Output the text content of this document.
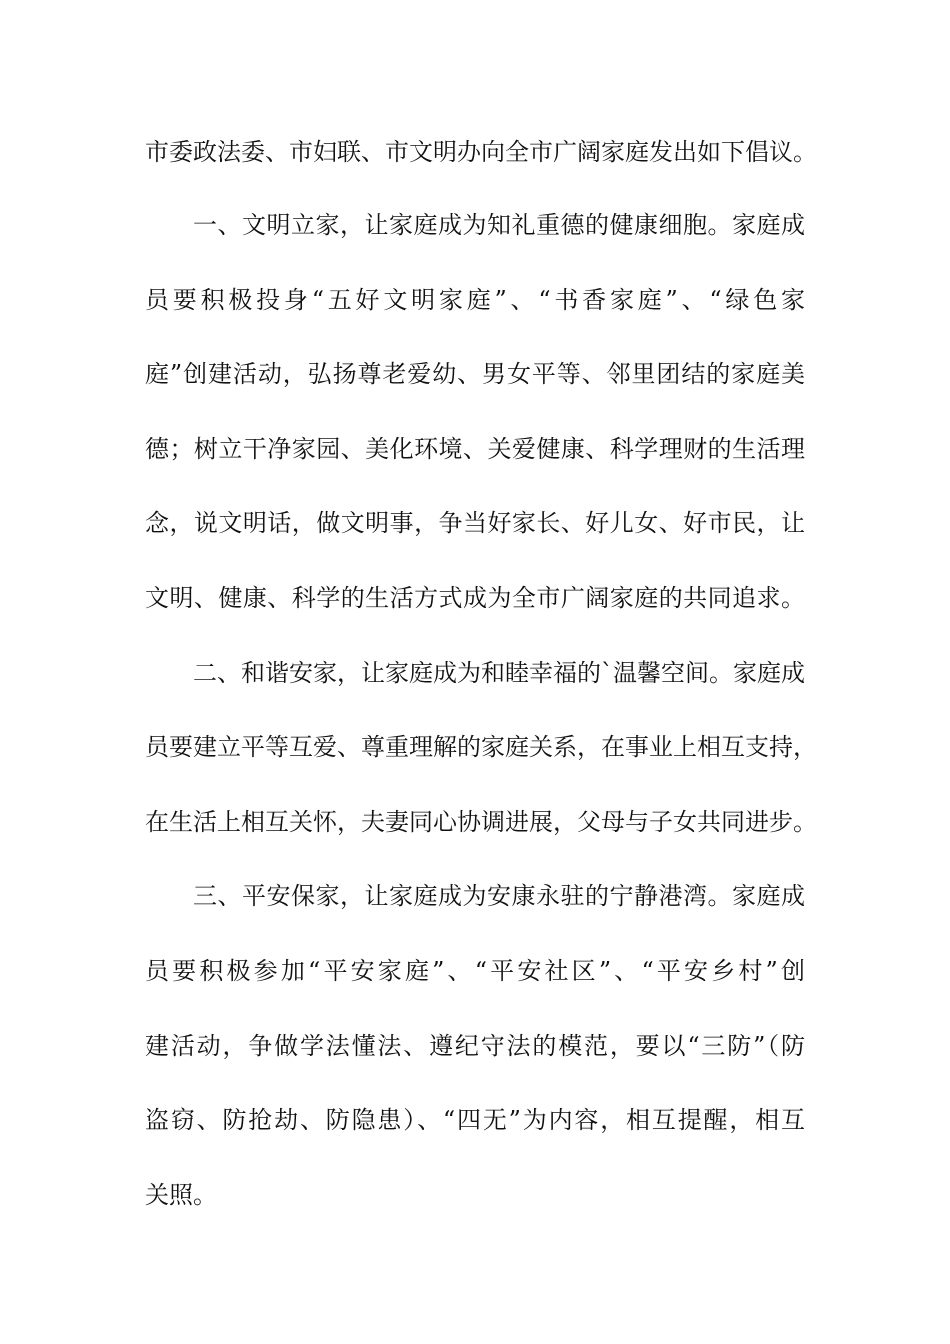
市委政法委、市妇联、市文明办向全市广阔家庭发出如下倡议。
一、文明立家，让家庭成为知礼重德的健康细胞。家庭成
员要积极投身“五好文明家庭”、“书香家庭”、“绿色家
庭”创建活动，弘扬尊老爱幼、男女平等、邻里团结的家庭美
德；树立干净家园、美化环境、关爱健康、科学理财的生活理
念，说文明话，做文明事，争当好家长、好儿女、好市民，让
文明、健康、科学的生活方式成为全市广阔家庭的共同追求。
二、和谐安家，让家庭成为和睦幸福的`温馨空间。家庭成
员要建立平等互爱、尊重理解的家庭关系，在事业上相互支持，
在生活上相互关怀，夫妻同心协调进展，父母与子女共同进步。
三、平安保家，让家庭成为安康永驻的宁静港湾。家庭成
员要积极参加“平安家庭”、“平安社区”、“平安乡村”创
建活动，争做学法懂法、遵纪守法的模范，要以“三防”（防
盗窃、防抢劫、防隐患）、“四无”为内容，相互提醒，相互
关照。
